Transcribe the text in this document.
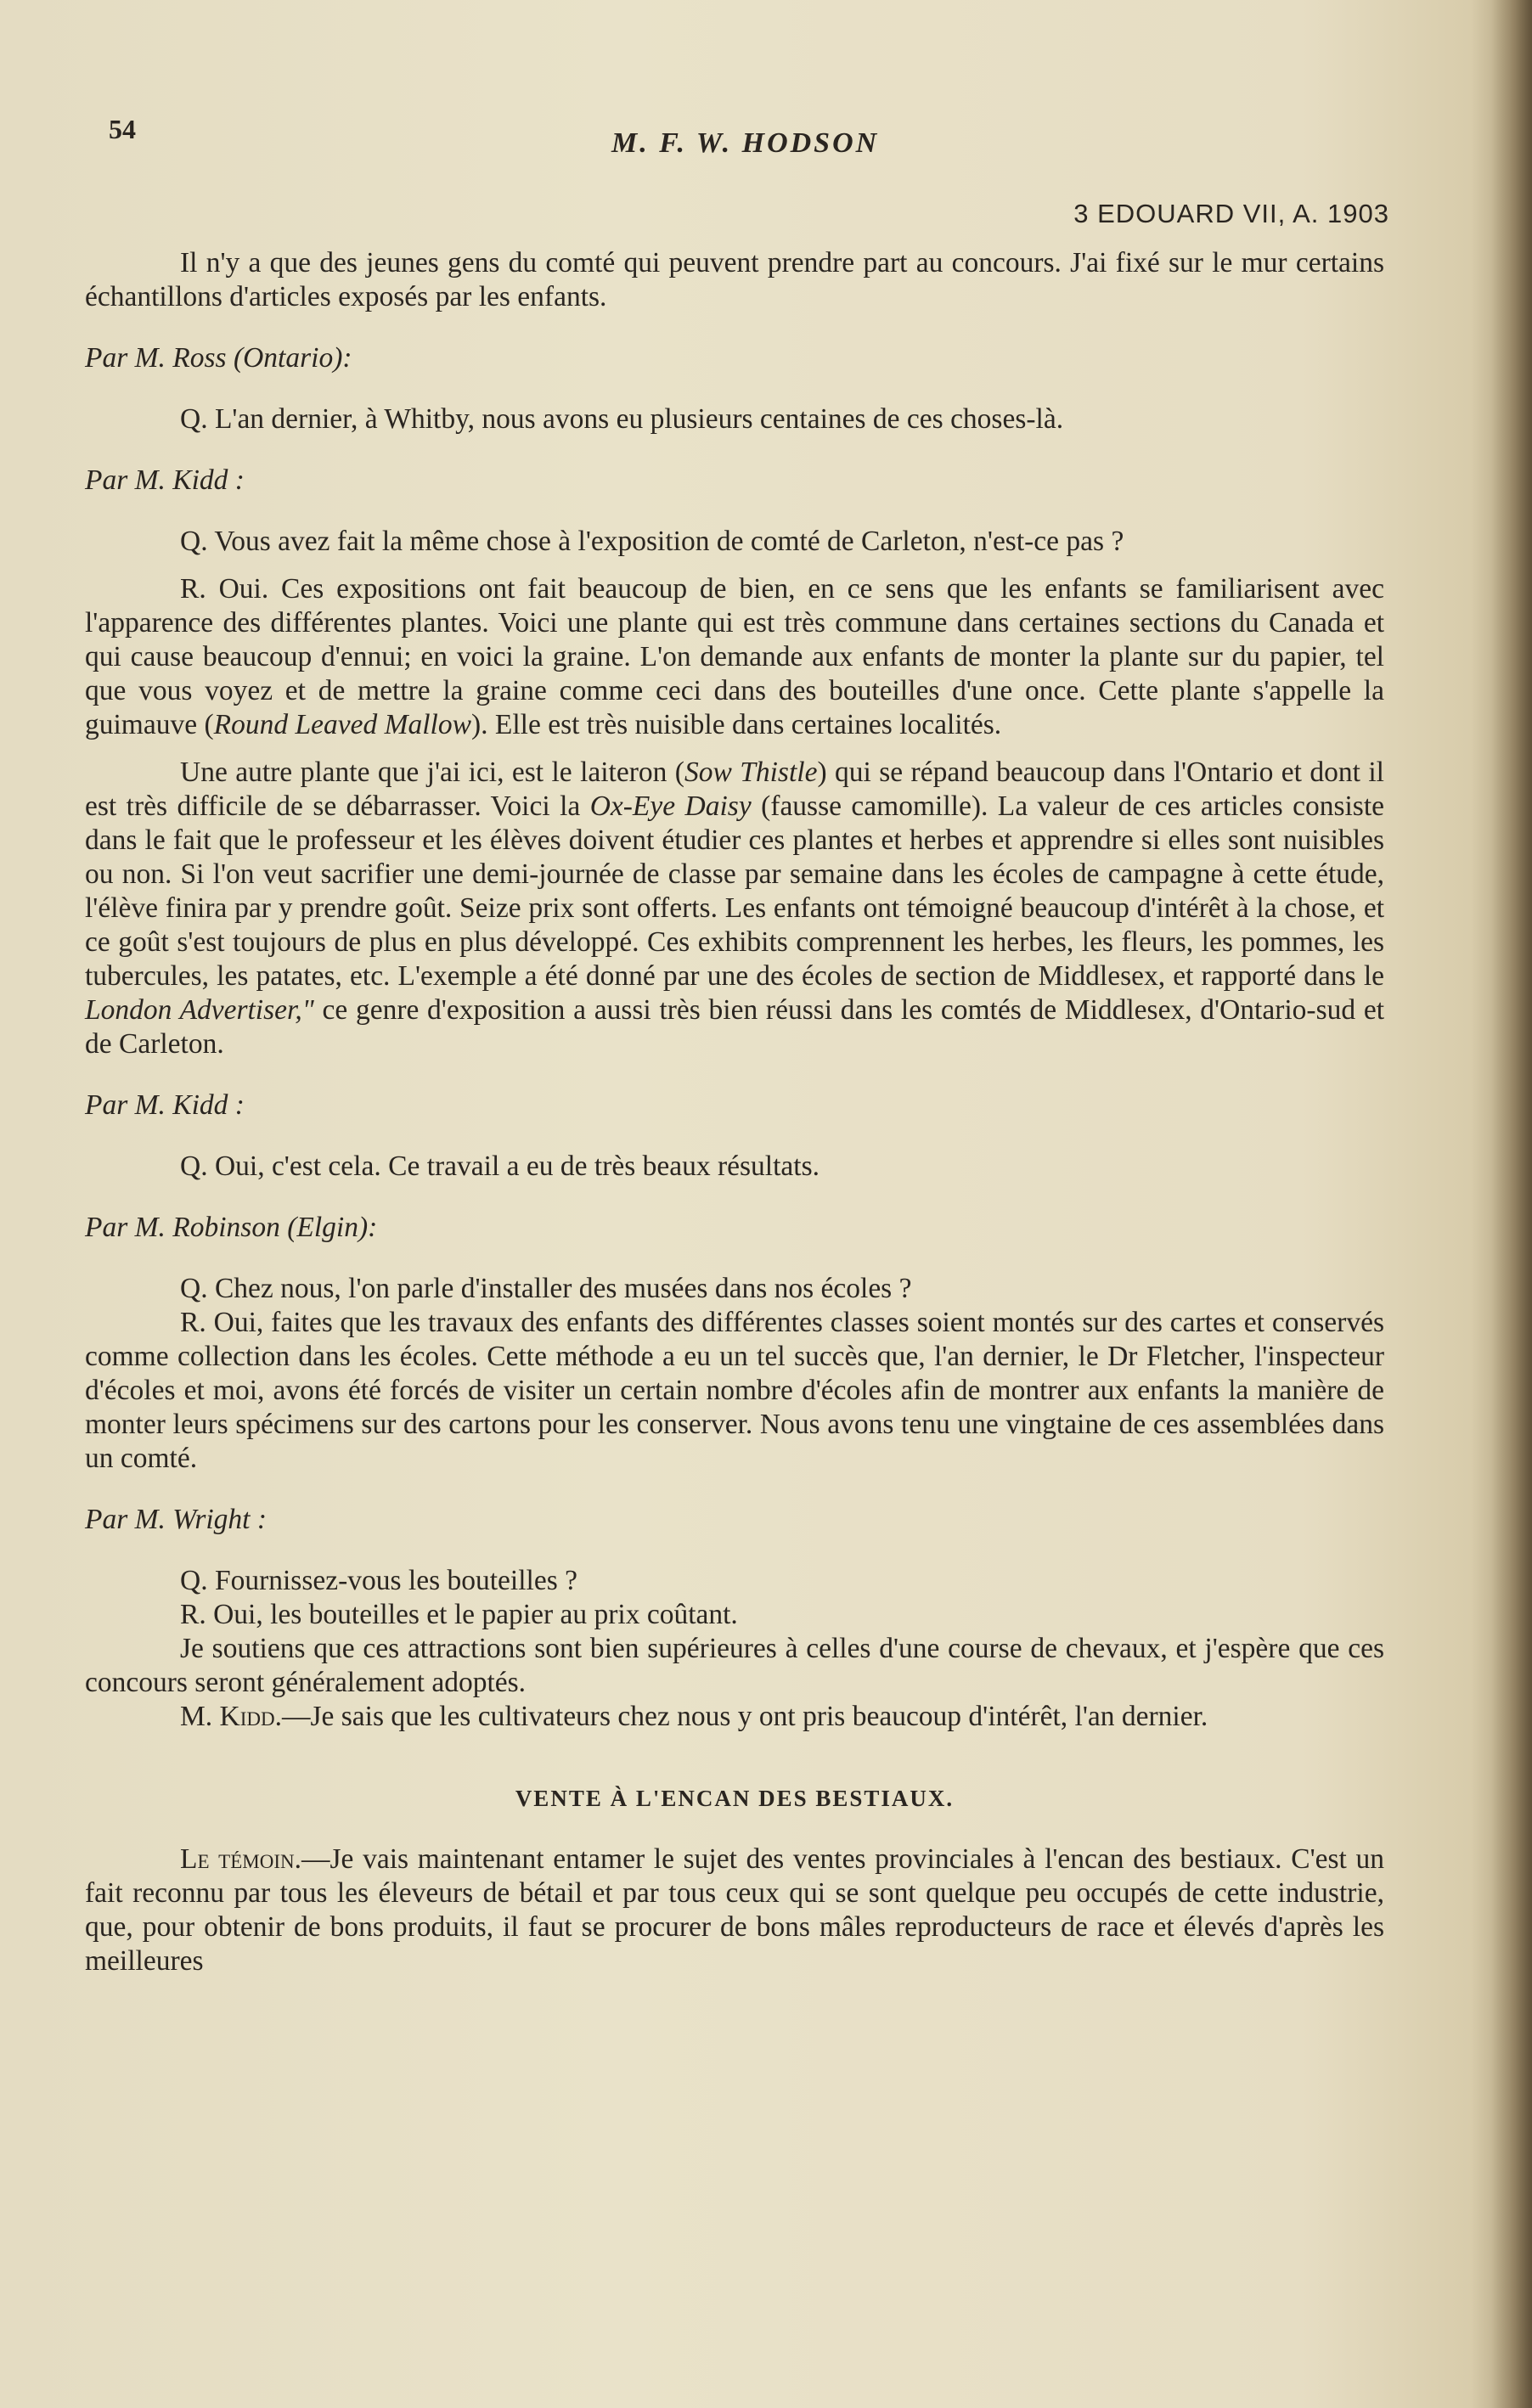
54	M. F. W. HODSON
3 EDOUARD VII, A. 1903

Il n'y a que des jeunes gens du comté qui peuvent prendre part au concours. J'ai fixé sur le mur certains échantillons d'articles exposés par les enfants.

Par M. Ross (Ontario):

Q. L'an dernier, à Whitby, nous avons eu plusieurs centaines de ces choses-là.

Par M. Kidd :

Q. Vous avez fait la même chose à l'exposition de comté de Carleton, n'est-ce pas ?

R. Oui. Ces expositions ont fait beaucoup de bien, en ce sens que les enfants se familiarisent avec l'apparence des différentes plantes. Voici une plante qui est très commune dans certaines sections du Canada et qui cause beaucoup d'ennui; en voici la graine. L'on demande aux enfants de monter la plante sur du papier, tel que vous voyez et de mettre la graine comme ceci dans des bouteilles d'une once. Cette plante s'appelle la guimauve (Round Leaved Mallow). Elle est très nuisible dans certaines localités.

Une autre plante que j'ai ici, est le laiteron (Sow Thistle) qui se répand beaucoup dans l'Ontario et dont il est très difficile de se débarrasser. Voici la Ox-Eye Daisy (fausse camomille). La valeur de ces articles consiste dans le fait que le professeur et les élèves doivent étudier ces plantes et herbes et apprendre si elles sont nuisibles ou non. Si l'on veut sacrifier une demi-journée de classe par semaine dans les écoles de campagne à cette étude, l'élève finira par y prendre goût. Seize prix sont offerts. Les enfants ont témoigné beaucoup d'intérêt à la chose, et ce goût s'est toujours de plus en plus développé. Ces exhibits comprennent les herbes, les fleurs, les pommes, les tubercules, les patates, etc. L'exemple a été donné par une des écoles de section de Middlesex, et rapporté dans le London Advertiser," ce genre d'exposition a aussi très bien réussi dans les comtés de Middlesex, d'Ontario-sud et de Carleton.

Par M. Kidd :

Q. Oui, c'est cela. Ce travail a eu de très beaux résultats.

Par M. Robinson (Elgin):

Q. Chez nous, l'on parle d'installer des musées dans nos écoles ?

R. Oui, faites que les travaux des enfants des différentes classes soient montés sur des cartes et conservés comme collection dans les écoles. Cette méthode a eu un tel succès que, l'an dernier, le Dr Fletcher, l'inspecteur d'écoles et moi, avons été forcés de visiter un certain nombre d'écoles afin de montrer aux enfants la manière de monter leurs spécimens sur des cartons pour les conserver. Nous avons tenu une vingtaine de ces assemblées dans un comté.

Par M. Wright :

Q. Fournissez-vous les bouteilles ?

R. Oui, les bouteilles et le papier au prix coûtant.

Je soutiens que ces attractions sont bien supérieures à celles d'une course de chevaux, et j'espère que ces concours seront généralement adoptés.

M. Kidd.—Je sais que les cultivateurs chez nous y ont pris beaucoup d'intérêt, l'an dernier.

VENTE À L'ENCAN DES BESTIAUX.

Le témoin.—Je vais maintenant entamer le sujet des ventes provinciales à l'encan des bestiaux. C'est un fait reconnu par tous les éleveurs de bétail et par tous ceux qui se sont quelque peu occupés de cette industrie, que, pour obtenir de bons produits, il faut se procurer de bons mâles reproducteurs de race et élevés d'après les meilleures
